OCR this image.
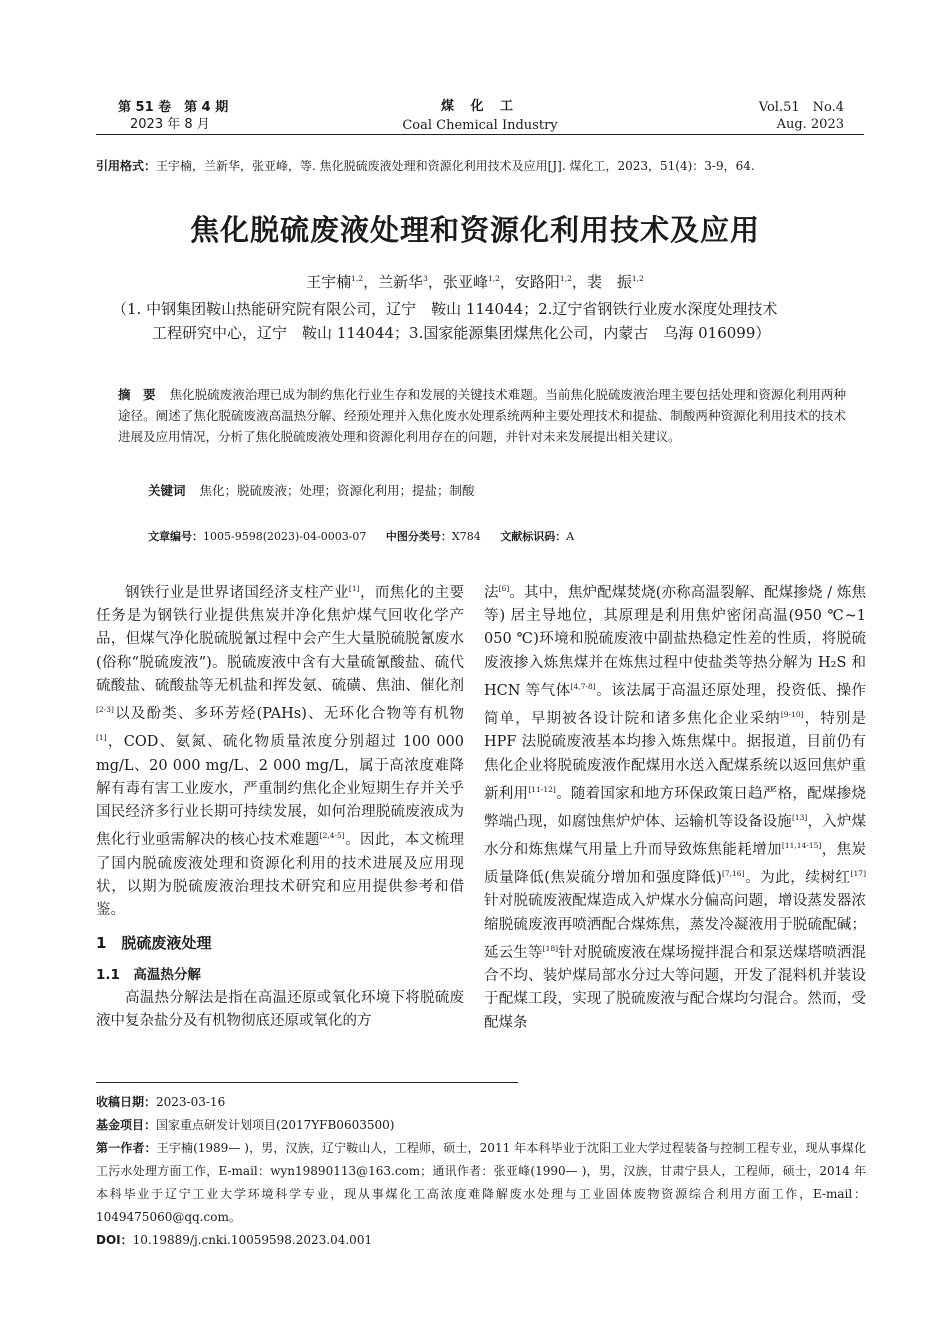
第 51 卷　第 4 期
2023 年 8 月
煤 化 工
Coal Chemical Industry
Vol.51　No.4
Aug. 2023
引用格式：王宇楠，兰新华，张亚峰，等. 焦化脱硫废液处理和资源化利用技术及应用[J]. 煤化工，2023，51(4)：3-9，64.
焦化脱硫废液处理和资源化利用技术及应用
王宇楠$^{1,2}$，兰新华$^3$，张亚峰$^{1,2}$，安路阳$^{1,2}$，裴　振$^{1,2}$
（1. 中钢集团鞍山热能研究院有限公司，辽宁　鞍山 114044；2.辽宁省钢铁行业废水深度处理技术
工程研究中心，辽宁　鞍山 114044；3.国家能源集团煤焦化公司，内蒙古　乌海 016099）
摘　要 焦化脱硫废液治理已成为制约焦化行业生存和发展的关键技术难题。当前焦化脱硫废液治理主要包括处理和资源化利用两种途径。阐述了焦化脱硫废液高温热分解、经预处理并入焦化废水处理系统两种主要处理技术和提盐、制酸两种资源化利用技术的技术进展及应用情况，分析了焦化脱硫废液处理和资源化利用存在的问题，并针对未来发展提出相关建议。
关键词 焦化；脱硫废液；处理；资源化利用；提盐；制酸
文章编号：1005-9598(2023)-04-0003-07 中图分类号：X784 文献标识码：A

钢铁行业是世界诸国经济支柱产业[1]，而焦化的主要任务是为钢铁行业提供焦炭并净化焦炉煤气回收化学产品，但煤气净化脱硫脱氰过程中会产生大量脱硫脱氰废水(俗称“脱硫废液”)。脱硫废液中含有大量硫氰酸盐、硫代硫酸盐、硫酸盐等无机盐和挥发氨、硫磺、焦油、催化剂[2-3]以及酚类、多环芳烃(PAHs)、无环化合物等有机物[1]，COD、氨氮、硫化物质量浓度分别超过 100 000 mg/L、20 000 mg/L、2 000 mg/L，属于高浓度难降解有毒有害工业废水，严重制约焦化企业短期生存并关乎国民经济多行业长期可持续发展，如何治理脱硫废液成为焦化行业亟需解决的核心技术难题[2,4-5]。因此，本文梳理了国内脱硫废液处理和资源化利用的技术进展及应用现状，以期为脱硫废液治理技术研究和应用提供参考和借鉴。

1　脱硫废液处理
1.1　高温热分解

高温热分解法是指在高温还原或氧化环境下将脱硫废液中复杂盐分及有机物彻底还原或氧化的方

法[6]。其中，焦炉配煤焚烧(亦称高温裂解、配煤掺烧 / 炼焦等) 居主导地位，其原理是利用焦炉密闭高温(950 ℃~1 050 ℃)环境和脱硫废液中副盐热稳定性差的性质，将脱硫废液掺入炼焦煤并在炼焦过程中使盐类等热分解为 H₂S 和 HCN 等气体[4,7-8]。该法属于高温还原处理，投资低、操作简单，早期被各设计院和诸多焦化企业采纳[9-10]，特别是 HPF 法脱硫废液基本均掺入炼焦煤中。据报道，目前仍有焦化企业将脱硫废液作配煤用水送入配煤系统以返回焦炉重新利用[11-12]。随着国家和地方环保政策日趋严格，配煤掺烧弊端凸现，如腐蚀焦炉炉体、运输机等设备设施[13]，入炉煤水分和炼焦煤气用量上升而导致炼焦能耗增加[11,14-15]，焦炭质量降低(焦炭硫分增加和强度降低)[7,16]。为此，续树红[17]针对脱硫废液配煤造成入炉煤水分偏高问题，增设蒸发器浓缩脱硫废液再喷洒配合煤炼焦，蒸发冷凝液用于脱硫配碱；延云生等[18]针对脱硫废液在煤场搅拌混合和泵送煤塔喷洒混合不均、装炉煤局部水分过大等问题，开发了混料机并装设于配煤工段，实现了脱硫废液与配合煤均匀混合。然而，受配煤条

收稿日期：2023-03-16
基金项目：国家重点研发计划项目(2017YFB0603500)
第一作者：王宇楠(1989— )，男，汉族，辽宁鞍山人，工程师，硕士，2011 年本科毕业于沈阳工业大学过程装备与控制工程专业，现从事煤化工污水处理方面工作，E-mail：wyn19890113@163.com；通讯作者：张亚峰(1990— )，男，汉族，甘肃宁县人，工程师，硕士，2014 年本科毕业于辽宁工业大学环境科学专业，现从事煤化工高浓度难降解废水处理与工业固体废物资源综合利用方面工作，E-mail：1049475060@qq.com。
DOI：10.19889/j.cnki.10059598.2023.04.001
